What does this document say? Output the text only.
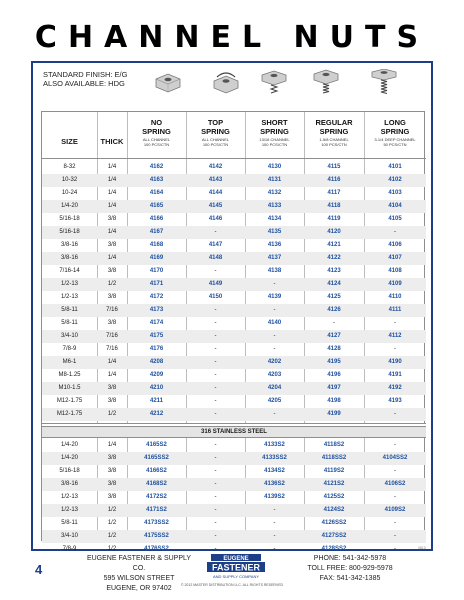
CHANNEL NUTS
STANDARD FINISH: E/G
ALSO AVAILABLE: HDG
SIZE	THICK
NO
SPRING
ALL CHANNEL
100 PCS/CTN
TOP
SPRING
ALL CHANNEL
100 PCS/CTN
SHORT
SPRING
13/16 CHANNEL
100 PCS/CTN
REGULAR
SPRING
1-5/8 CHANNEL
100 PCS/CTN
LONG
SPRING
3-1/4 DEEP CHANNEL
50 PCS/CTN
8-32	1/4	4162	4142	4130	4115	4101
10-32	1/4	4163	4143	4131	4116	4102
10-24	1/4	4164	4144	4132	4117	4103
1/4-20	1/4	4165	4145	4133	4118	4104
5/16-18	3/8	4166	4146	4134	4119	4105
5/16-18	1/4	4167	-	4135	4120	-
3/8-16	3/8	4168	4147	4136	4121	4106
3/8-16	1/4	4169	4148	4137	4122	4107
7/16-14	3/8	4170	-	4138	4123	4108
1/2-13	1/2	4171	4149	-	4124	4109
1/2-13	3/8	4172	4150	4139	4125	4110
5/8-11	7/16	4173	-	-	4126	4111
5/8-11	3/8	4174	-	4140	-	-
3/4-10	7/16	4175	-	-	4127	4112
7/8-9	7/16	4176	-	-	4128	-
M6-1	1/4	4208	-	4202	4195	4190
M8-1.25	1/4	4209	-	4203	4196	4191
M10-1.5	3/8	4210	-	4204	4197	4192
M12-1.75	3/8	4211	-	4205	4198	4193
M12-1.75	1/2	4212	-	-	4199	-
316 STAINLESS STEEL
1/4-20	1/4	4165S2	-	4133S2	4118S2	-
1/4-20	3/8	4165SS2	-	4133SS2	4118SS2	4104SS2
5/16-18	3/8	4166S2	-	4134S2	4119S2	-
3/8-16	3/8	4168S2	-	4136S2	4121S2	4106S2
1/2-13	3/8	4172S2	-	4139S2	4125S2	-
1/2-13	1/2	4171S2	-	-	4124S2	4109S2
5/8-11	1/2	4173SS2	-	-	4126SS2	-
3/4-10	1/2	4175SS2	-	-	4127SS2	-
7/8-9	1/2	4176SS2	-	-	4128SS2	-
4
EUGENE FASTENER & SUPPLY CO.
595 WILSON STREET
EUGENE, OR 97402
EUGENE
FASTENER
AND SUPPLY COMPANY
PHONE: 541-342-5978
TOLL FREE: 800-929-5978
FAX: 541-342-1385
© 2012 MASTER DISTRIBUTION LLC. ALL RIGHTS RESERVED
0810
